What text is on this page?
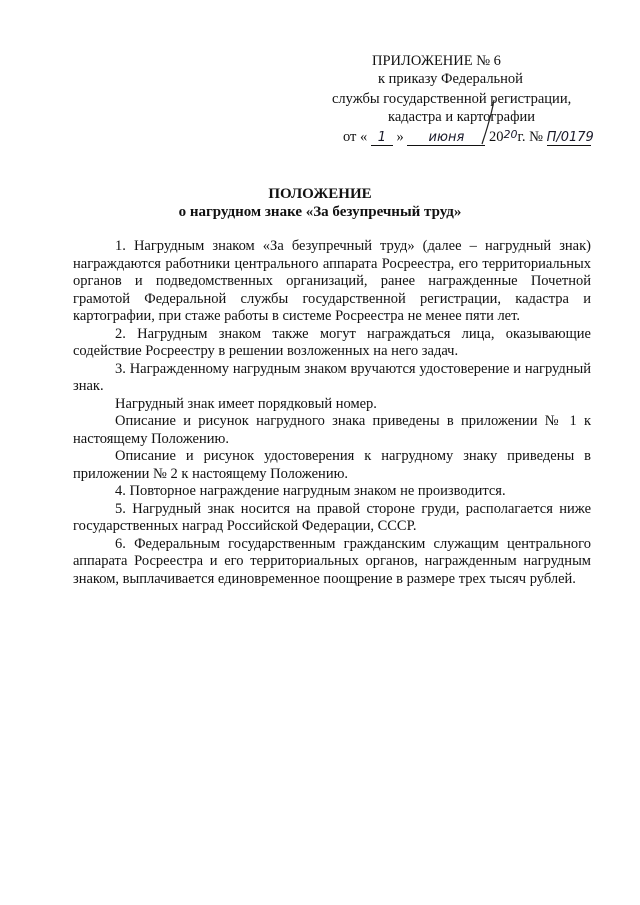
ПРИЛОЖЕНИЕ № 6
к приказу Федеральной
службы государственной регистрации,
кадастра и картографии
от « 1 » июня $20^{20}г$. № П/0179
ПОЛОЖЕНИЕ
о нагрудном знаке «За безупречный труд»

1. Нагрудным знаком «За безупречный труд» (далее – нагрудный знак) награждаются работники центрального аппарата Росреестра, его территориальных органов и подведомственных организаций, ранее награжденные Почетной грамотой Федеральной службы государственной регистрации, кадастра и картографии, при стаже работы в системе Росреестра не менее пяти лет.

2. Нагрудным знаком также могут награждаться лица, оказывающие содействие Росреестру в решении возложенных на него задач.

3. Награжденному нагрудным знаком вручаются удостоверение и нагрудный знак.

Нагрудный знак имеет порядковый номер.

Описание и рисунок нагрудного знака приведены в приложении № 1 к настоящему Положению.

Описание и рисунок удостоверения к нагрудному знаку приведены в приложении № 2 к настоящему Положению.

4. Повторное награждение нагрудным знаком не производится.

5. Нагрудный знак носится на правой стороне груди, располагается ниже государственных наград Российской Федерации, СССР.

6. Федеральным государственным гражданским служащим центрального аппарата Росреестра и его территориальных органов, награжденным нагрудным знаком, выплачивается единовременное поощрение в размере трех тысяч рублей.
